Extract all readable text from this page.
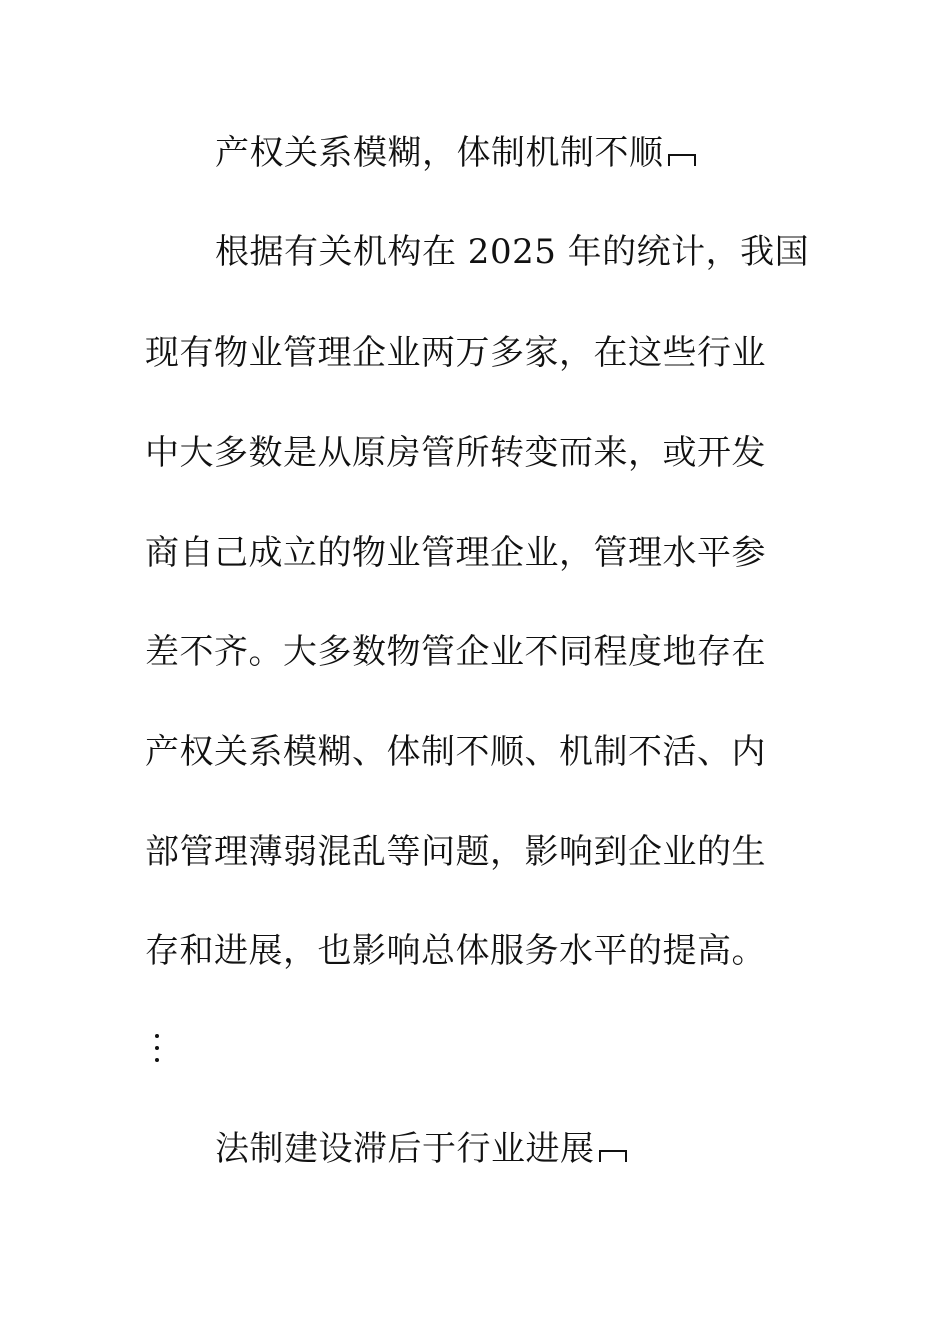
产权关系模糊，体制机制不顺
根据有关机构在 2025 年的统计，我国
现有物业管理企业两万多家，在这些行业
中大多数是从原房管所转变而来，或开发
商自己成立的物业管理企业，管理水平参
差不齐。大多数物管企业不同程度地存在
产权关系模糊、体制不顺、机制不活、内
部管理薄弱混乱等问题，影响到企业的生
存和进展，也影响总体服务水平的提高。
法制建设滞后于行业进展
